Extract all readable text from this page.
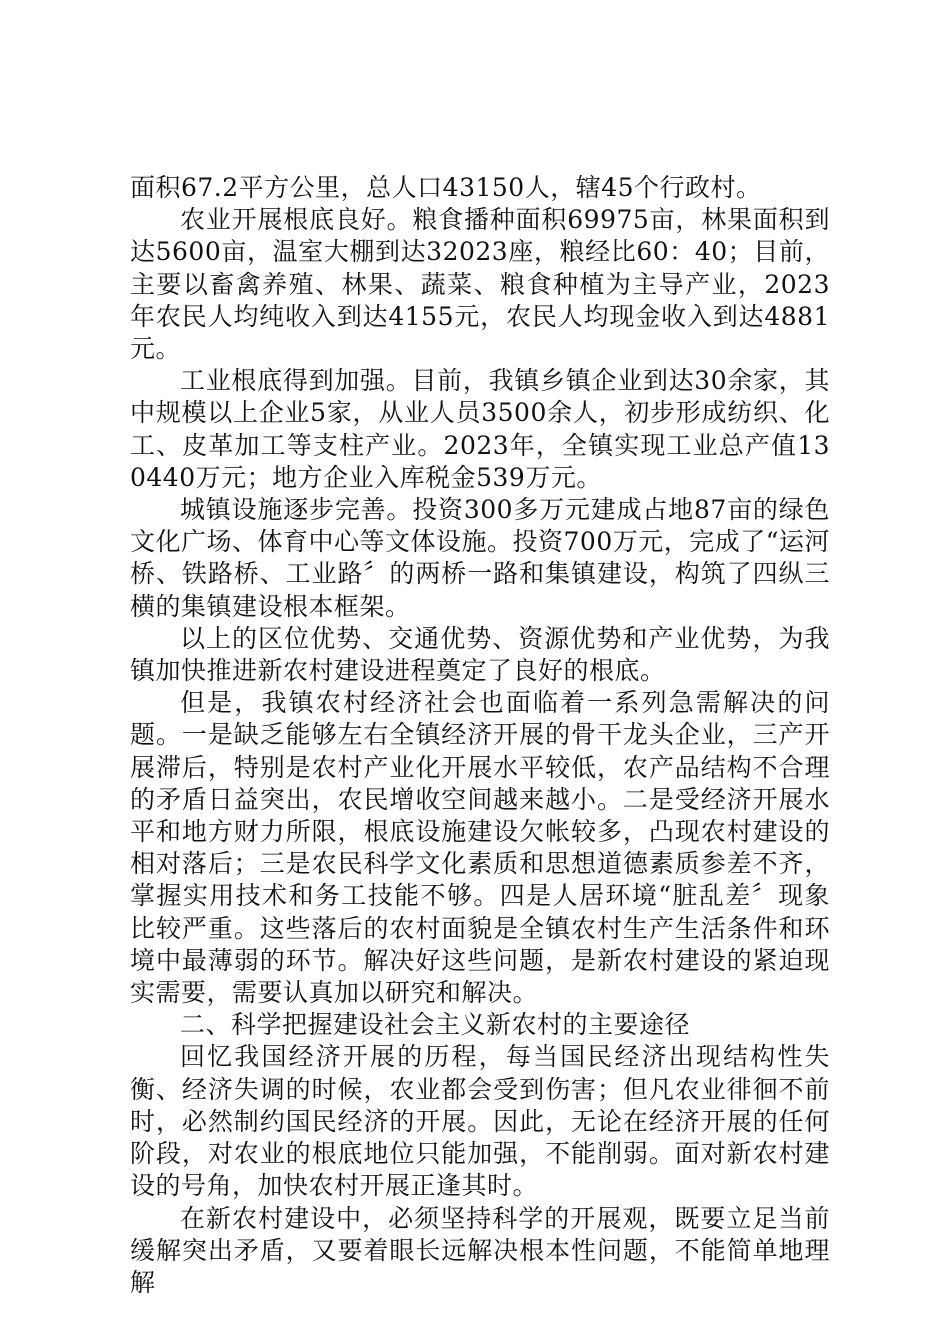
面积67.2平方公里，总人口43150人，辖45个行政村。

农业开展根底良好。粮食播种面积69975亩，林果面积到达5600亩，温室大棚到达32023座，粮经比60：40；目前，主要以畜禽养殖、林果、蔬菜、粮食种植为主导产业，2023年农民人均纯收入到达4155元，农民人均现金收入到达4881元。

工业根底得到加强。目前，我镇乡镇企业到达30余家，其中规模以上企业5家，从业人员3500余人，初步形成纺织、化工、皮革加工等支柱产业。2023年，全镇实现工业总产值130440万元；地方企业入库税金539万元。

城镇设施逐步完善。投资300多万元建成占地87亩的绿色文化广场、体育中心等文体设施。投资700万元，完成了“运河桥、铁路桥、工业路〞的两桥一路和集镇建设，构筑了四纵三横的集镇建设根本框架。

以上的区位优势、交通优势、资源优势和产业优势，为我镇加快推进新农村建设进程奠定了良好的根底。

但是，我镇农村经济社会也面临着一系列急需解决的问题。一是缺乏能够左右全镇经济开展的骨干龙头企业，三产开展滞后，特别是农村产业化开展水平较低，农产品结构不合理的矛盾日益突出，农民增收空间越来越小。二是受经济开展水平和地方财力所限，根底设施建设欠帐较多，凸现农村建设的相对落后；三是农民科学文化素质和思想道德素质参差不齐，掌握实用技术和务工技能不够。四是人居环境“脏乱差〞现象比较严重。这些落后的农村面貌是全镇农村生产生活条件和环境中最薄弱的环节。解决好这些问题，是新农村建设的紧迫现实需要，需要认真加以研究和解决。

二、科学把握建设社会主义新农村的主要途径

回忆我国经济开展的历程，每当国民经济出现结构性失衡、经济失调的时候，农业都会受到伤害；但凡农业徘徊不前时，必然制约国民经济的开展。因此，无论在经济开展的任何阶段，对农业的根底地位只能加强，不能削弱。面对新农村建设的号角，加快农村开展正逢其时。

在新农村建设中，必须坚持科学的开展观，既要立足当前缓解突出矛盾，又要着眼长远解决根本性问题，不能简单地理解
